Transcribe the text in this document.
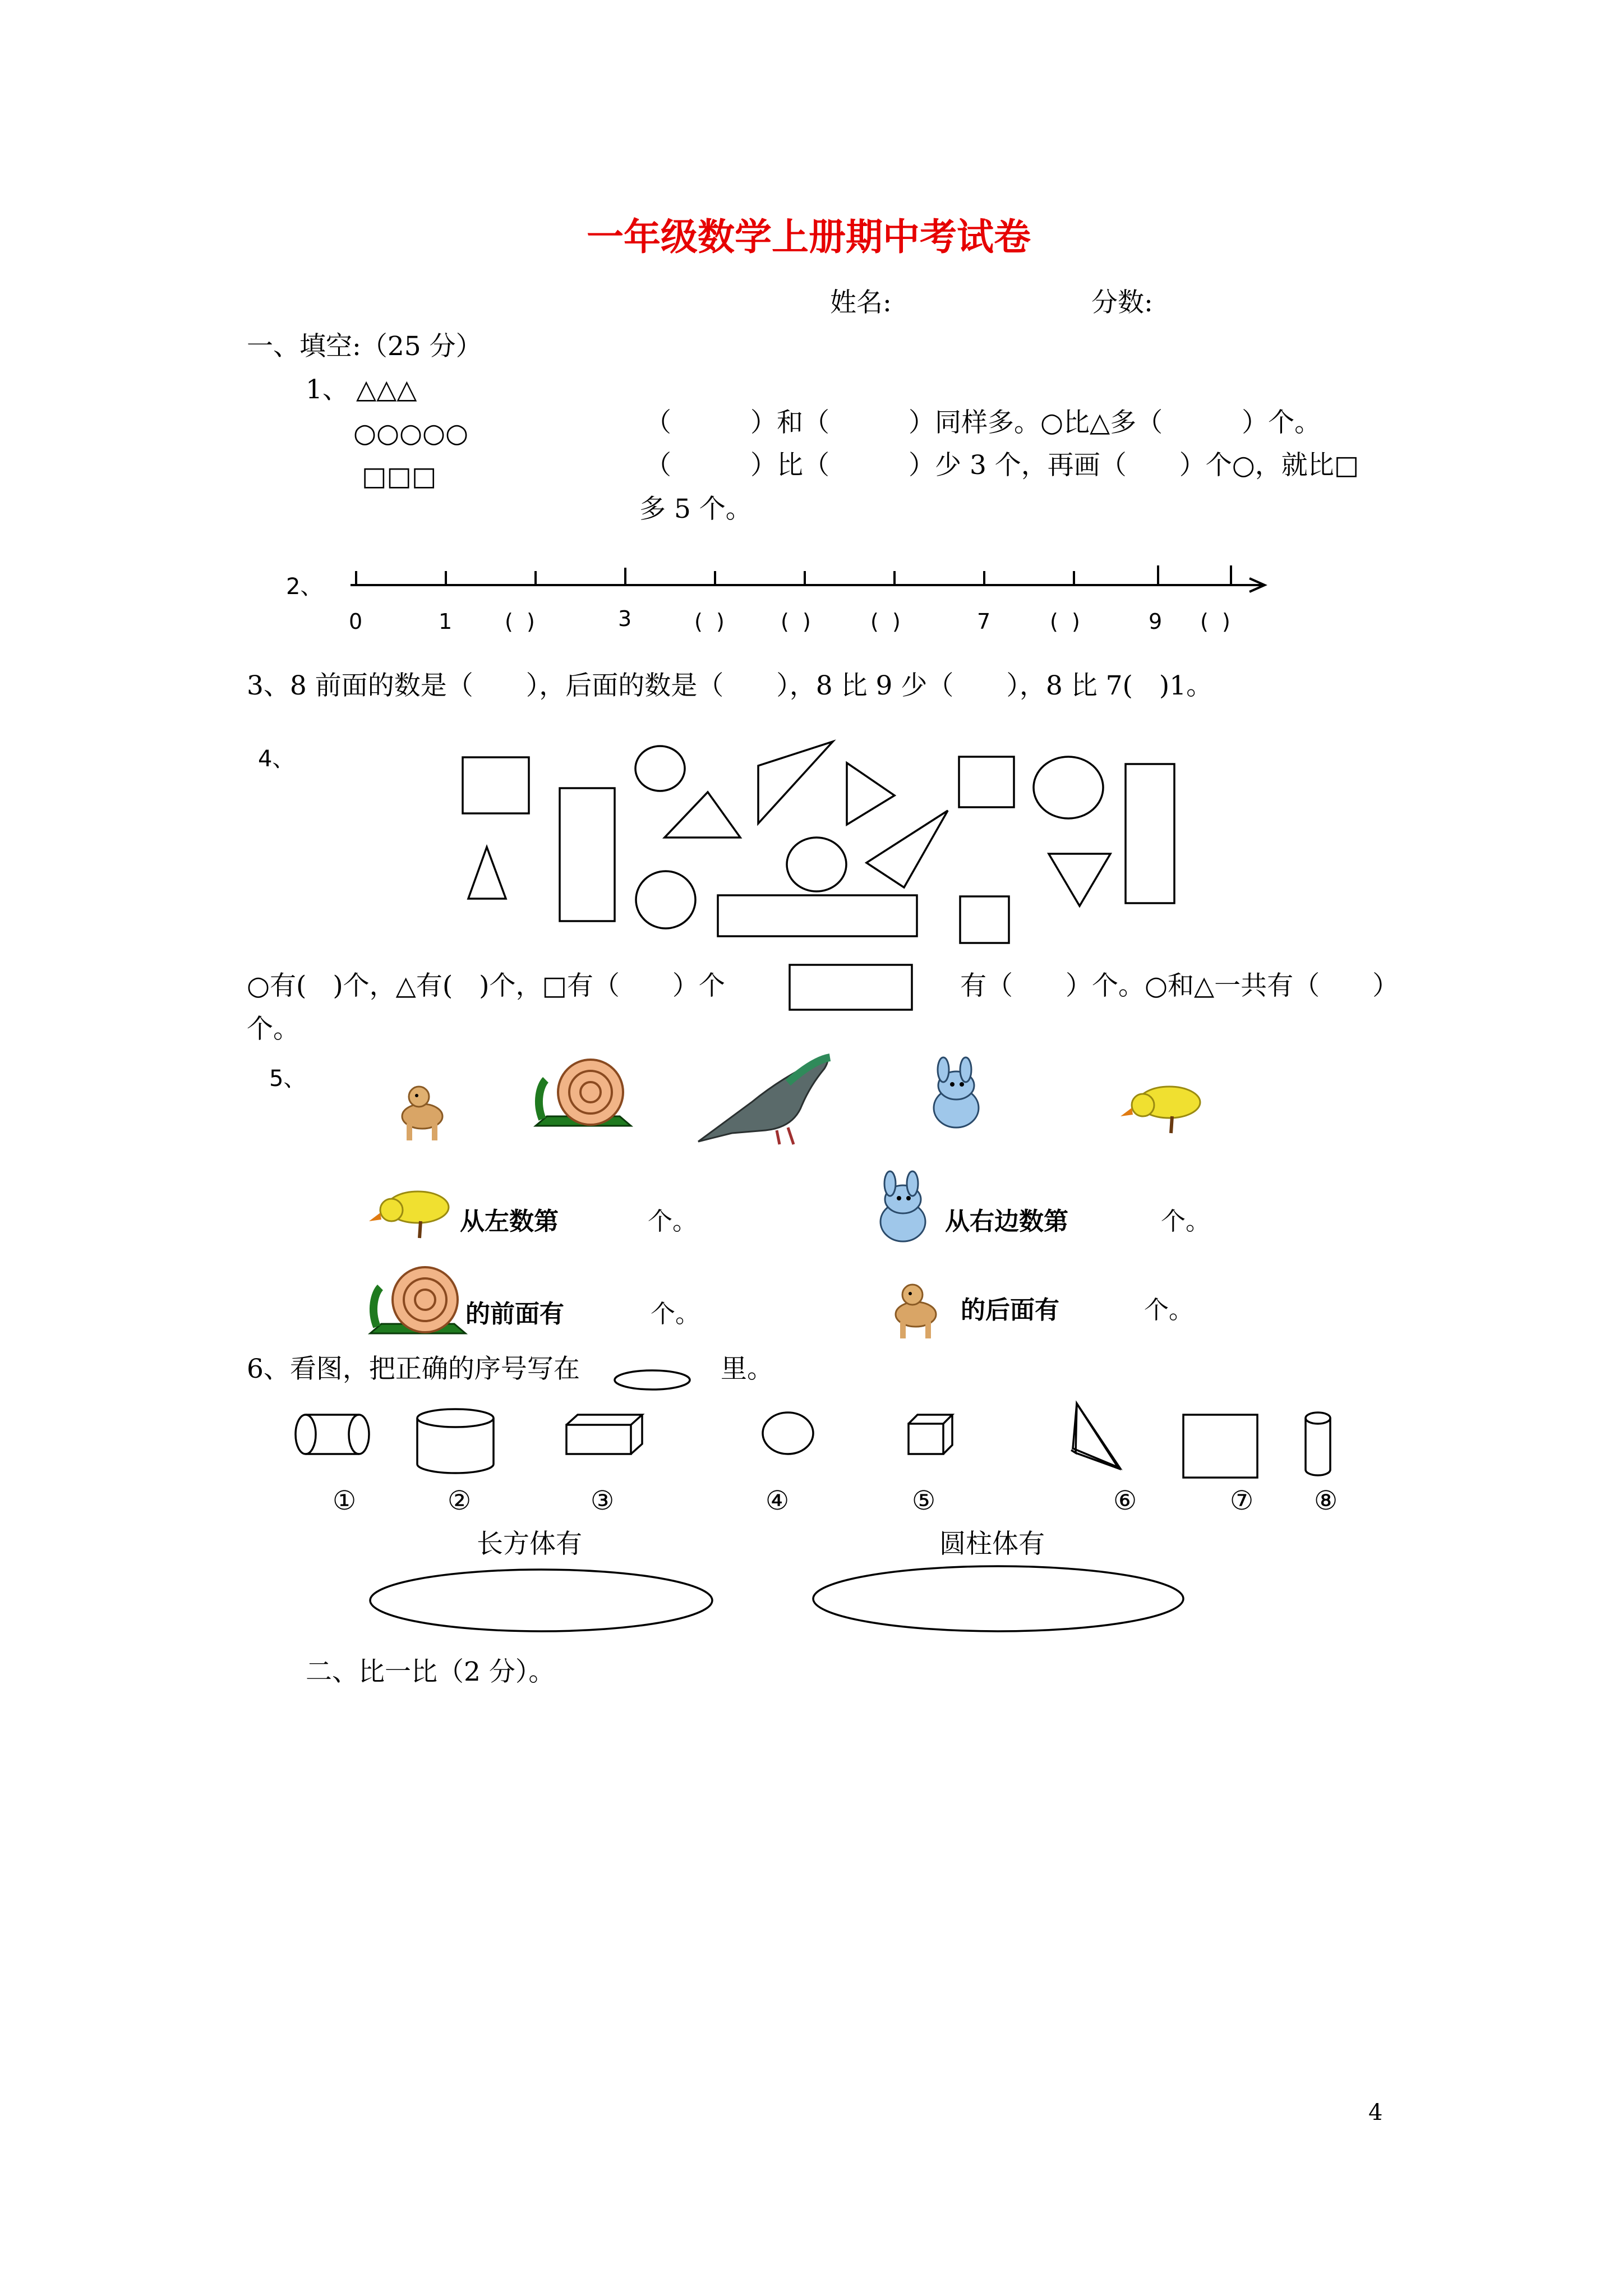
一年级数学上册期中考试卷
姓名:	分数:
一、填空:（25 分）
1、 △△△
○○○○○
□□□
（　　　）和（　　　）同样多。○比△多（　　　）个。
（　　　）比（　　　）少 3 个，再画（　　）个○，就比□
多 5 个。
2、
0	1 (  )	3	(  )	(  )	(  )	7	(  )	9 (  )
3、8 前面的数是（　　），后面的数是（　　），8 比 9 少（　　），8 比 7(　)1。
4、
○有(　)个，△有(　)个，□有（　　）个	有（　　）个。○和△一共有（　　）
个。
5、
从左数第	个。	从右边数第	个。
的前面有	个。	的后面有	个。
6、看图，把正确的序号写在	里。
①	②	③	④	⑤	⑥	⑦ ⑧
长方体有	圆柱体有
二、比一比（2 分）。
4
